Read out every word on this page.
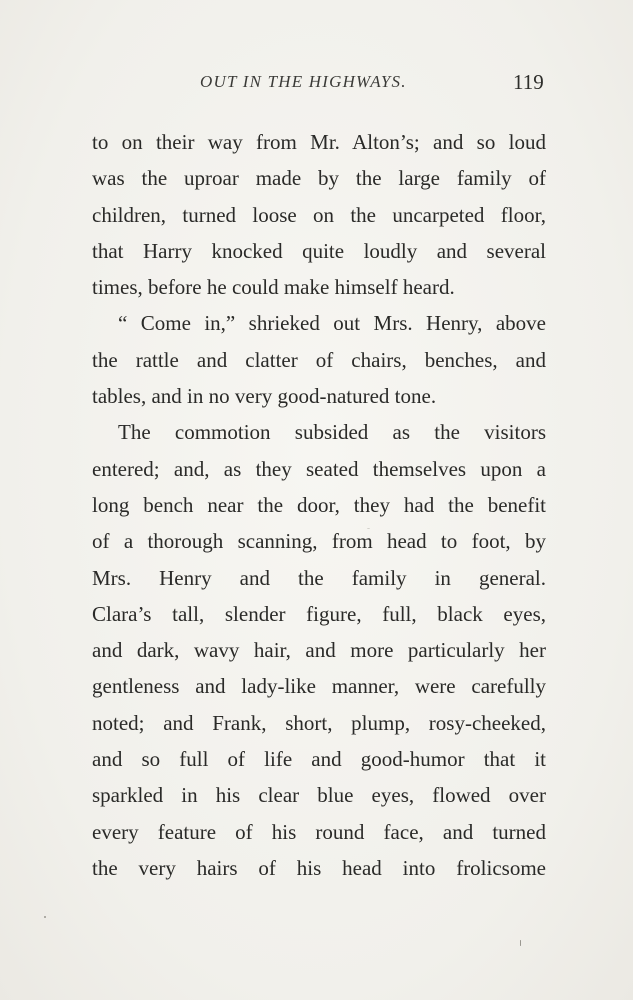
OUT IN THE HIGHWAYS.	119
to on their way from Mr. Alton’s; and so loud
was the uproar made by the large family of
children, turned loose on the uncarpeted floor,
that Harry knocked quite loudly and several
times, before he could make himself heard.
“ Come in,” shrieked out Mrs. Henry, above
the rattle and clatter of chairs, benches, and
tables, and in no very good-natured tone.
The commotion subsided as the visitors
entered; and, as they seated themselves upon a
long bench near the door, they had the benefit
of a thorough scanning, from head to foot, by
Mrs. Henry and the family in general.
Clara’s tall, slender figure, full, black eyes,
and dark, wavy hair, and more particularly her
gentleness and lady-like manner, were carefully
noted; and Frank, short, plump, rosy-cheeked,
and so full of life and good-humor that it
sparkled in his clear blue eyes, flowed over
every feature of his round face, and turned
the very hairs of his head into frolicsome
